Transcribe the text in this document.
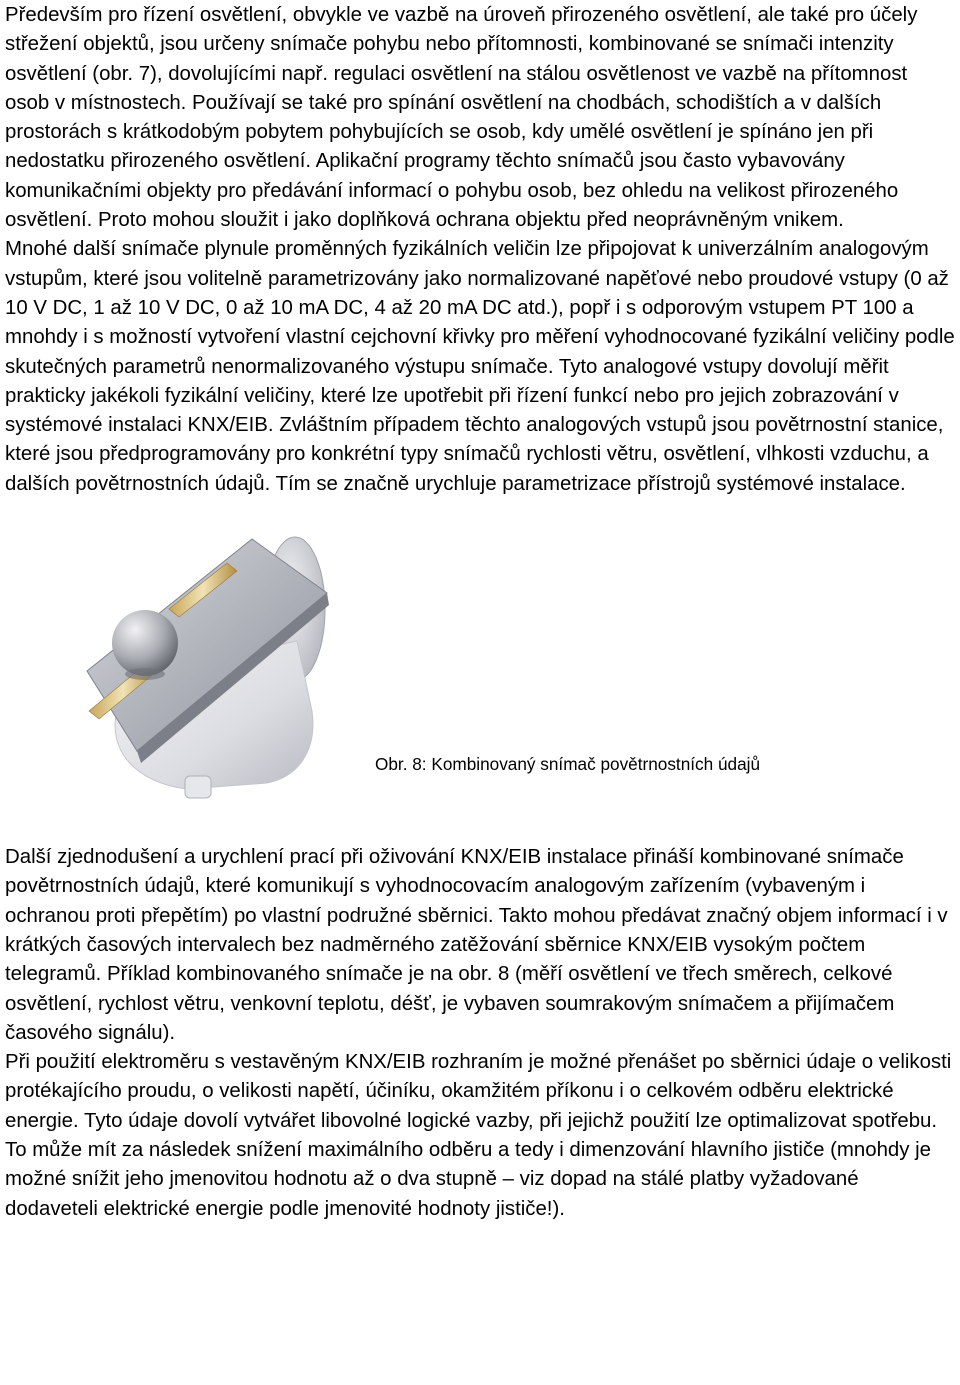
Především pro řízení osvětlení, obvykle ve vazbě na úroveň přirozeného osvětlení, ale také pro účely střežení objektů, jsou určeny snímače pohybu nebo přítomnosti, kombinované se snímači intenzity osvětlení (obr. 7), dovolujícími např. regulaci osvětlení na stálou osvětlenost ve vazbě na přítomnost osob v místnostech. Používají se také pro spínání osvětlení na chodbách, schodištích a v dalších prostorách s krátkodobým pobytem pohybujících se osob, kdy umělé osvětlení je spínáno jen při nedostatku přirozeného osvětlení. Aplikační programy těchto snímačů jsou často vybavovány komunikačními objekty pro předávání informací o pohybu osob, bez ohledu na velikost přirozeného osvětlení. Proto mohou sloužit i jako doplňková ochrana objektu před neoprávněným vnikem.

Mnohé další snímače plynule proměnných fyzikálních veličin lze připojovat k univerzálním analogovým vstupům, které jsou volitelně parametrizovány jako normalizované napěťové nebo proudové vstupy (0 až 10 V DC, 1 až 10 V DC, 0 až 10 mA DC, 4 až 20 mA DC atd.), popř i s odporovým vstupem PT 100 a mnohdy i s možností vytvoření vlastní cejchovní křivky pro měření vyhodnocované fyzikální veličiny podle skutečných parametrů nenormalizovaného výstupu snímače. Tyto analogové vstupy dovolují měřit prakticky jakékoli fyzikální veličiny, které lze upotřebit při řízení funkcí nebo pro jejich zobrazování v systémové instalaci KNX/EIB. Zvláštním případem těchto analogových vstupů jsou povětrnostní stanice, které jsou předprogramovány pro konkrétní typy snímačů rychlosti větru, osvětlení, vlhkosti vzduchu, a dalších povětrnostních údajů. Tím se značně urychluje parametrizace přístrojů systémové instalace.

Obr. 8: Kombinovaný snímač povětrnostních údajů

Další zjednodušení a urychlení prací při oživování KNX/EIB instalace přináší kombinované snímače povětrnostních údajů, které komunikují s vyhodnocovacím analogovým zařízením (vybaveným i ochranou proti přepětím) po vlastní podružné sběrnici. Takto mohou předávat značný objem informací i v krátkých časových intervalech bez nadměrného zatěžování sběrnice KNX/EIB vysokým počtem telegramů. Příklad kombinovaného snímače je na obr. 8 (měří osvětlení ve třech směrech, celkové osvětlení, rychlost větru, venkovní teplotu, déšť, je vybaven soumrakovým snímačem a přijímačem časového signálu).

Při použití elektroměru s vestavěným KNX/EIB rozhraním je možné přenášet po sběrnici údaje o velikosti protékajícího proudu, o velikosti napětí, účiníku, okamžitém příkonu i o celkovém odběru elektrické energie. Tyto údaje dovolí vytvářet libovolné logické vazby, při jejichž použití lze optimalizovat spotřebu. To může mít za následek snížení maximálního odběru a tedy i dimenzování hlavního jističe (mnohdy je možné snížit jeho jmenovitou hodnotu až o dva stupně – viz dopad na stálé platby vyžadované dodaveteli elektrické energie podle jmenovité hodnoty jističe!).
